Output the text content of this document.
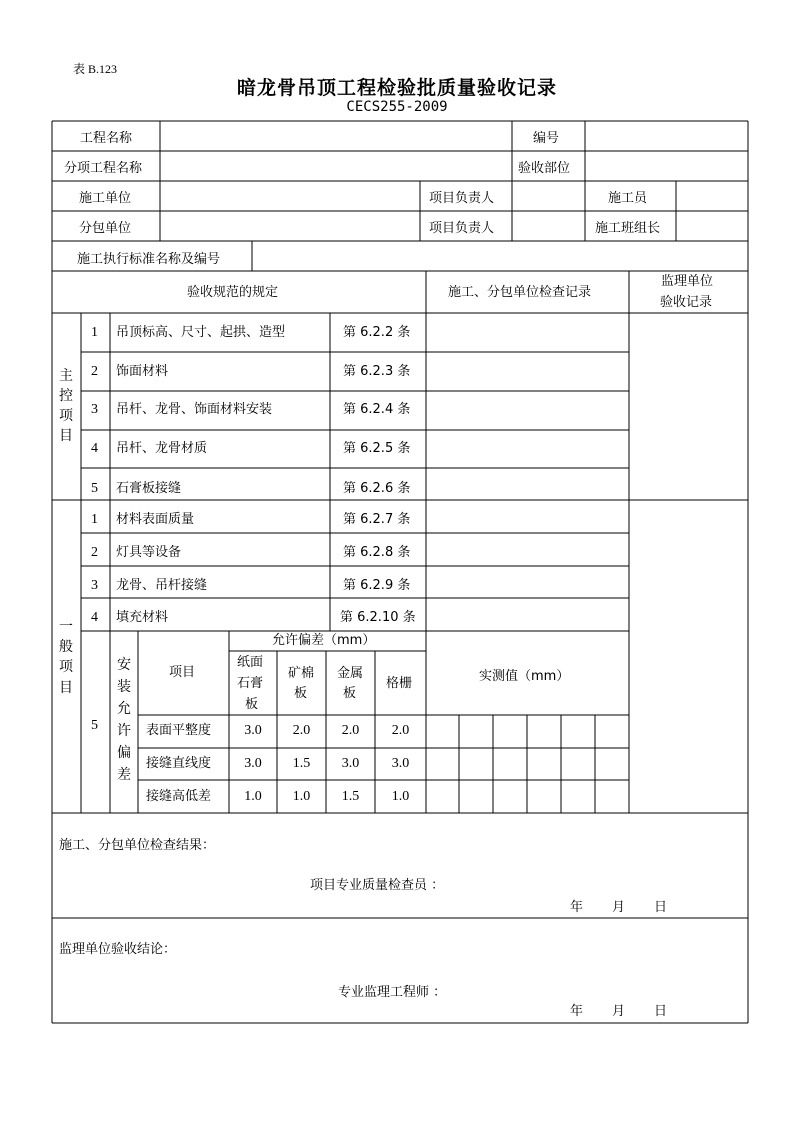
表 B.123
暗龙骨吊顶工程检验批质量验收记录
CECS255-2009
工程名称	编号
分项工程名称	验收部位
施工单位	项目负责人	施工员
分包单位	项目负责人	施工班组长
施工执行标准名称及编号
验收规范的规定	施工、分包单位检查记录
监理单位
验收记录
主
控
项
目
1 吊顶标高、尺寸、起拱、造型	第 6.2.2 条
2 饰面材料	第 6.2.3 条
3 吊杆、龙骨、饰面材料安装	第 6.2.4 条
4 吊杆、龙骨材质	第 6.2.5 条
5 石膏板接缝	第 6.2.6 条
一
般
项
目
1 材料表面质量	第 6.2.7 条
2 灯具等设备	第 6.2.8 条
3 龙骨、吊杆接缝	第 6.2.9 条
4 填充材料	第 6.2.10 条
5
安
装
允
许
偏
差
允许偏差（mm）
项目
纸面
石膏
板
矿棉
板
金属
板
格栅	实测值（mm）
表面平整度	3.0	2.0	2.0	2.0
接缝直线度	3.0	1.5	3.0	3.0
接缝高低差	1.0	1.0	1.5	1.0
施工、分包单位检查结果：
项目专业质量检查员 ：
年 月 日
监理单位验收结论：
专业监理工程师 ：
年 月 日
